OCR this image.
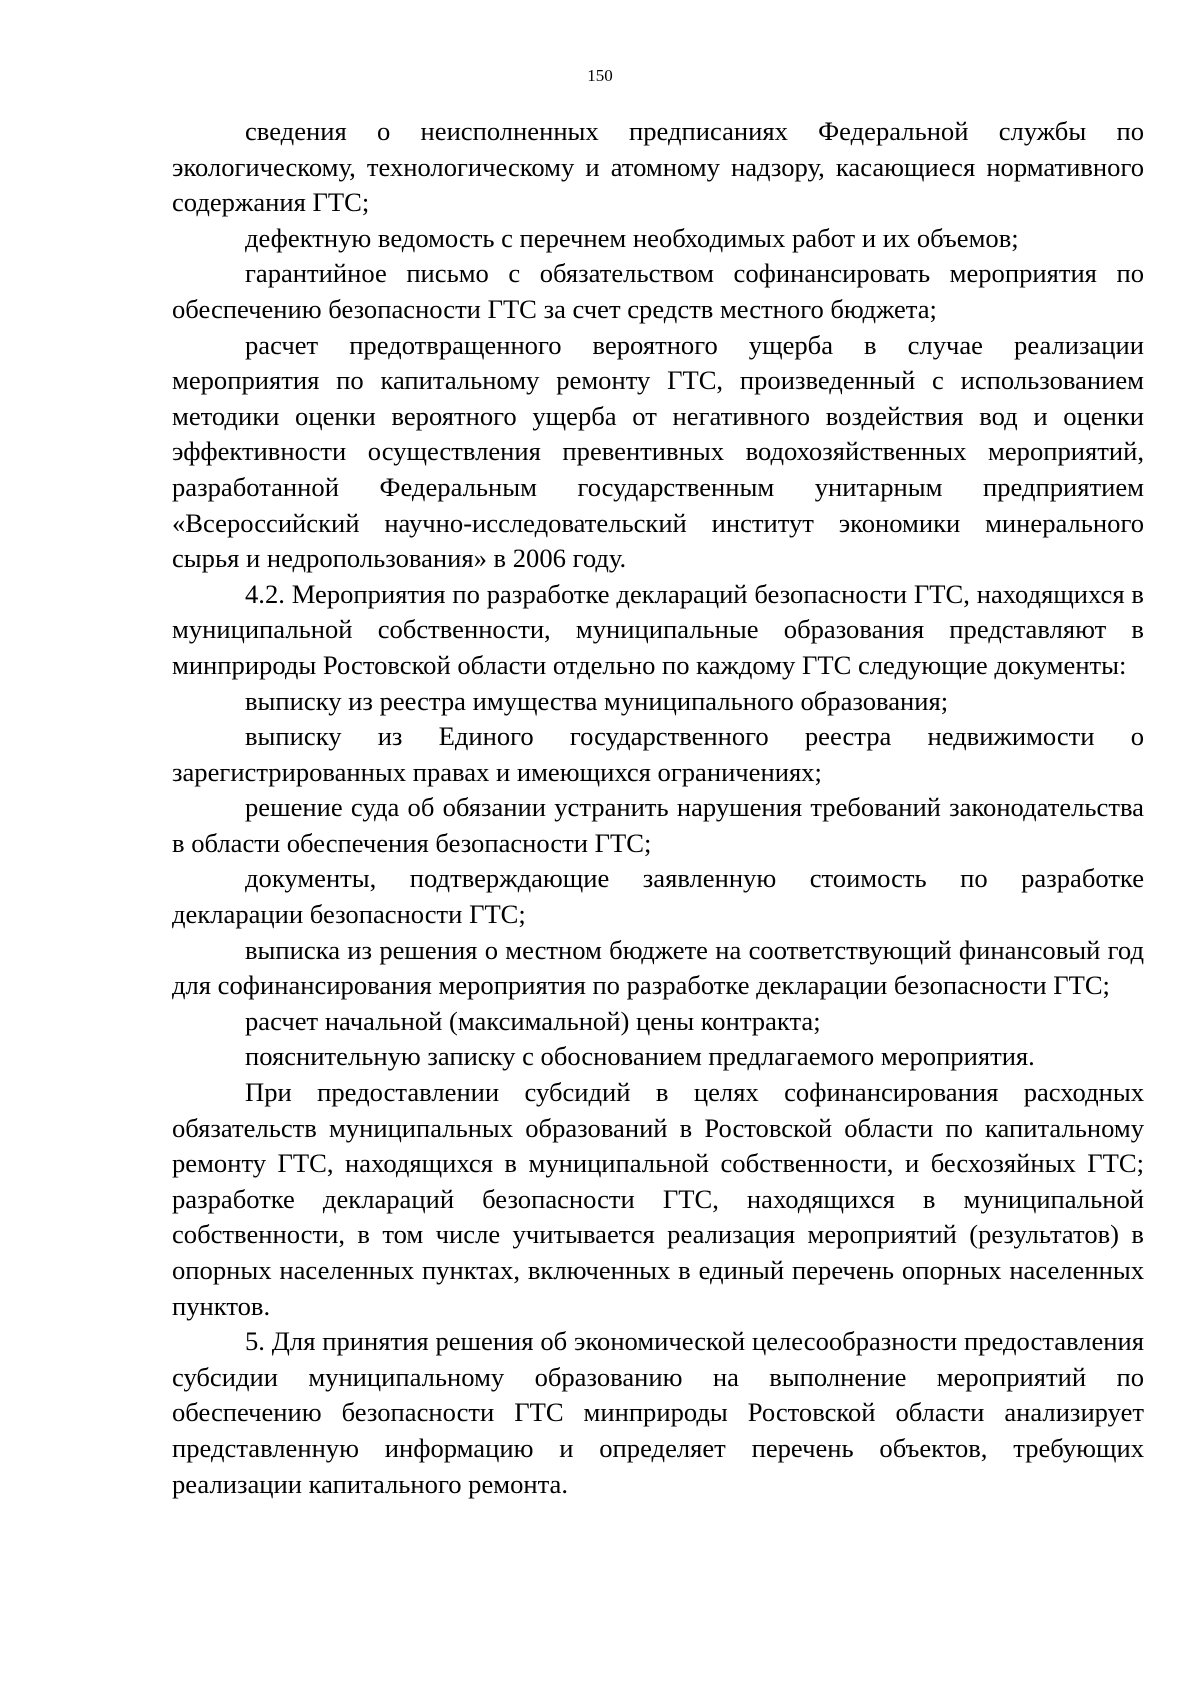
150

сведения о неисполненных предписаниях Федеральной службы по экологическому, технологическому и атомному надзору, касающиеся нормативного содержания ГТС;

дефектную ведомость с перечнем необходимых работ и их объемов;

гарантийное письмо с обязательством софинансировать мероприятия по обеспечению безопасности ГТС за счет средств местного бюджета;

расчет предотвращенного вероятного ущерба в случае реализации мероприятия по капитальному ремонту ГТС, произведенный с использованием методики оценки вероятного ущерба от негативного воздействия вод и оценки эффективности осуществления превентивных водохозяйственных мероприятий, разработанной Федеральным государственным унитарным предприятием «Всероссийский научно-исследовательский институт экономики минерального сырья и недропользования» в 2006 году.

4.2. Мероприятия по разработке деклараций безопасности ГТС, находящихся в муниципальной собственности, муниципальные образования представляют в минприроды Ростовской области отдельно по каждому ГТС следующие документы:

выписку из реестра имущества муниципального образования;

выписку из Единого государственного реестра недвижимости о зарегистрированных правах и имеющихся ограничениях;

решение суда об обязании устранить нарушения требований законодательства в области обеспечения безопасности ГТС;

документы, подтверждающие заявленную стоимость по разработке декларации безопасности ГТС;

выписка из решения о местном бюджете на соответствующий финансовый год для софинансирования мероприятия по разработке декларации безопасности ГТС;

расчет начальной (максимальной) цены контракта;

пояснительную записку с обоснованием предлагаемого мероприятия.

При предоставлении субсидий в целях софинансирования расходных обязательств муниципальных образований в Ростовской области по капитальному ремонту ГТС, находящихся в муниципальной собственности, и бесхозяйных ГТС; разработке деклараций безопасности ГТС, находящихся в муниципальной собственности, в том числе учитывается реализация мероприятий (результатов) в опорных населенных пунктах, включенных в единый перечень опорных населенных пунктов.

5. Для принятия решения об экономической целесообразности предоставления субсидии муниципальному образованию на выполнение мероприятий по обеспечению безопасности ГТС минприроды Ростовской области анализирует представленную информацию и определяет перечень объектов, требующих реализации капитального ремонта.
